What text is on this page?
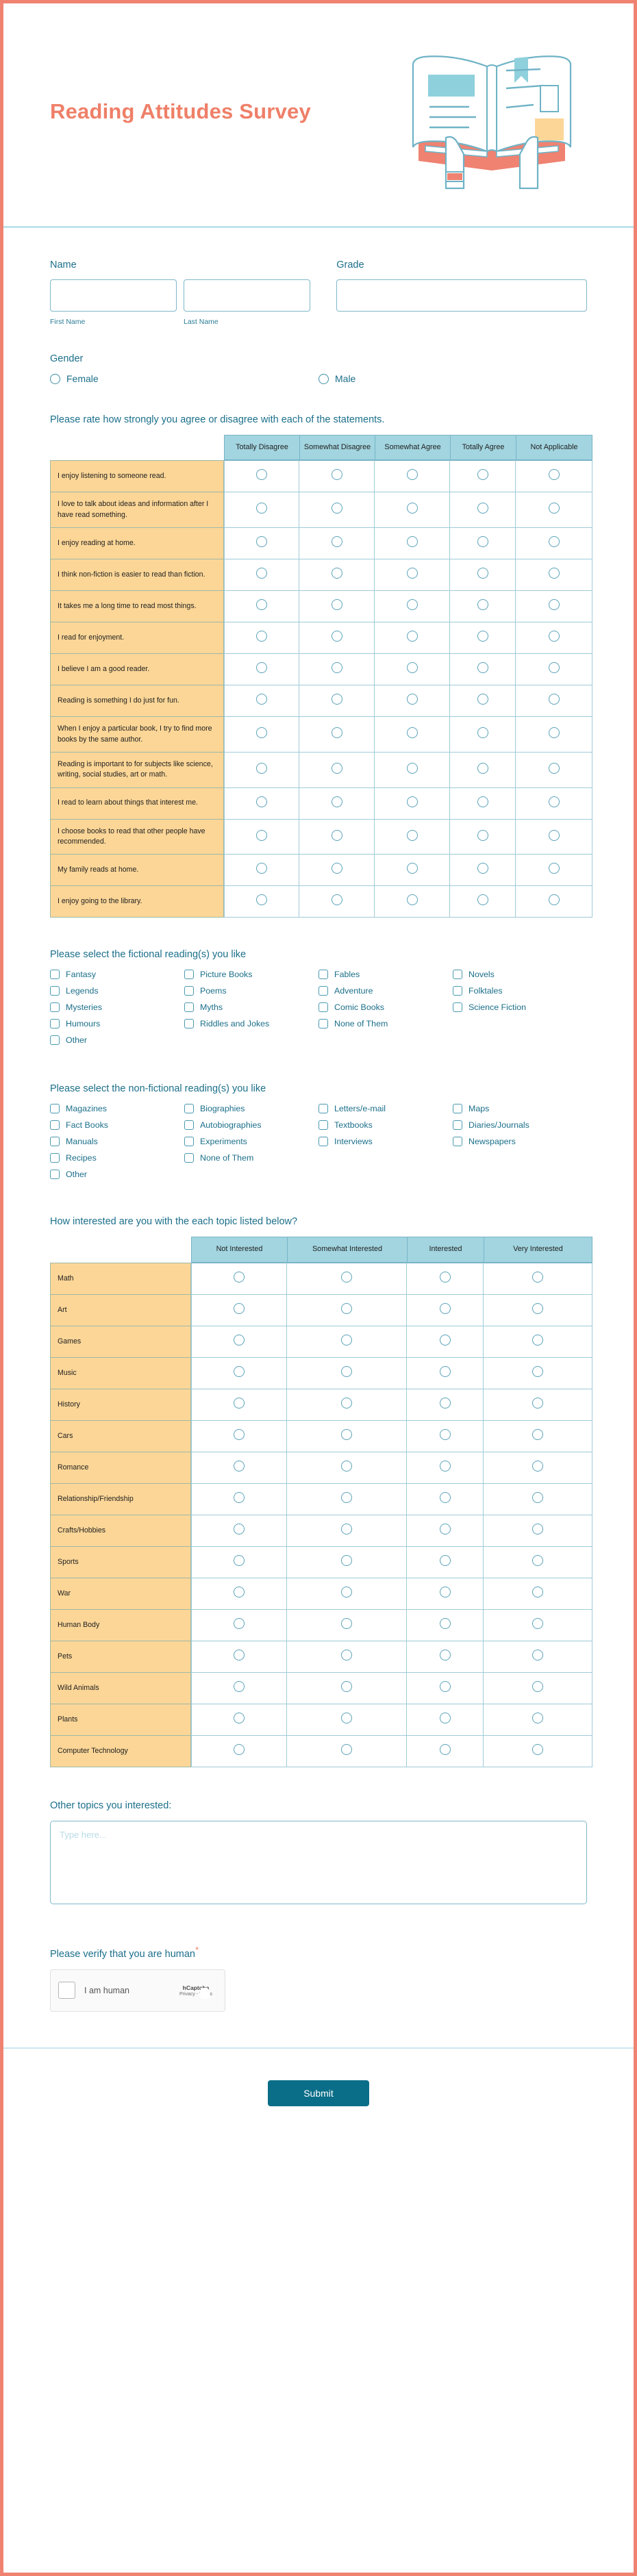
Reading Attitudes Survey
Name
First Name	Last Name
Grade
Gender
Female	Male
Please rate how strongly you agree or disagree with each of the statements.
	Totally Disagree	Somewhat Disagree	Somewhat Agree	Totally Agree	Not Applicable
I enjoy listening to someone read.					
I love to talk about ideas and information after I have read something.					
I enjoy reading at home.					
I think non-fiction is easier to read than fiction.					
It takes me a long time to read most things.					
I read for enjoyment.					
I believe I am a good reader.					
Reading is something I do just for fun.					
When I enjoy a particular book, I try to find more books by the same author.					
Reading is important to for subjects like science, writing, social studies, art or math.					
I read to learn about things that interest me.					
I choose books to read that other people have recommended.					
My family reads at home.					
I enjoy going to the library.					
Please select the fictional reading(s) you like
Fantasy	Picture Books	Fables	Novels
Legends	Poems	Adventure	Folktales
Mysteries	Myths	Comic Books	Science Fiction
Humours	Riddles and Jokes	None of Them
Other
Please select the non-fictional reading(s) you like
Magazines	Biographies	Letters/e-mail	Maps
Fact Books	Autobiographies	Textbooks	Diaries/Journals
Manuals	Experiments	Interviews	Newspapers
Recipes	None of Them
Other
How interested are you with the each topic listed below?
	Not Interested	Somewhat Interested	Interested	Very Interested
Math				
Art				
Games				
Music				
History				
Cars				
Romance				
Relationship/Friendship				
Crafts/Hobbies				
Sports				
War				
Human Body				
Pets				
Wild Animals				
Plants				
Computer Technology				
Other topics you interested:
Type here...
Please verify that you are human*
I am human	hCaptcha
Privacy - Terms
Submit
